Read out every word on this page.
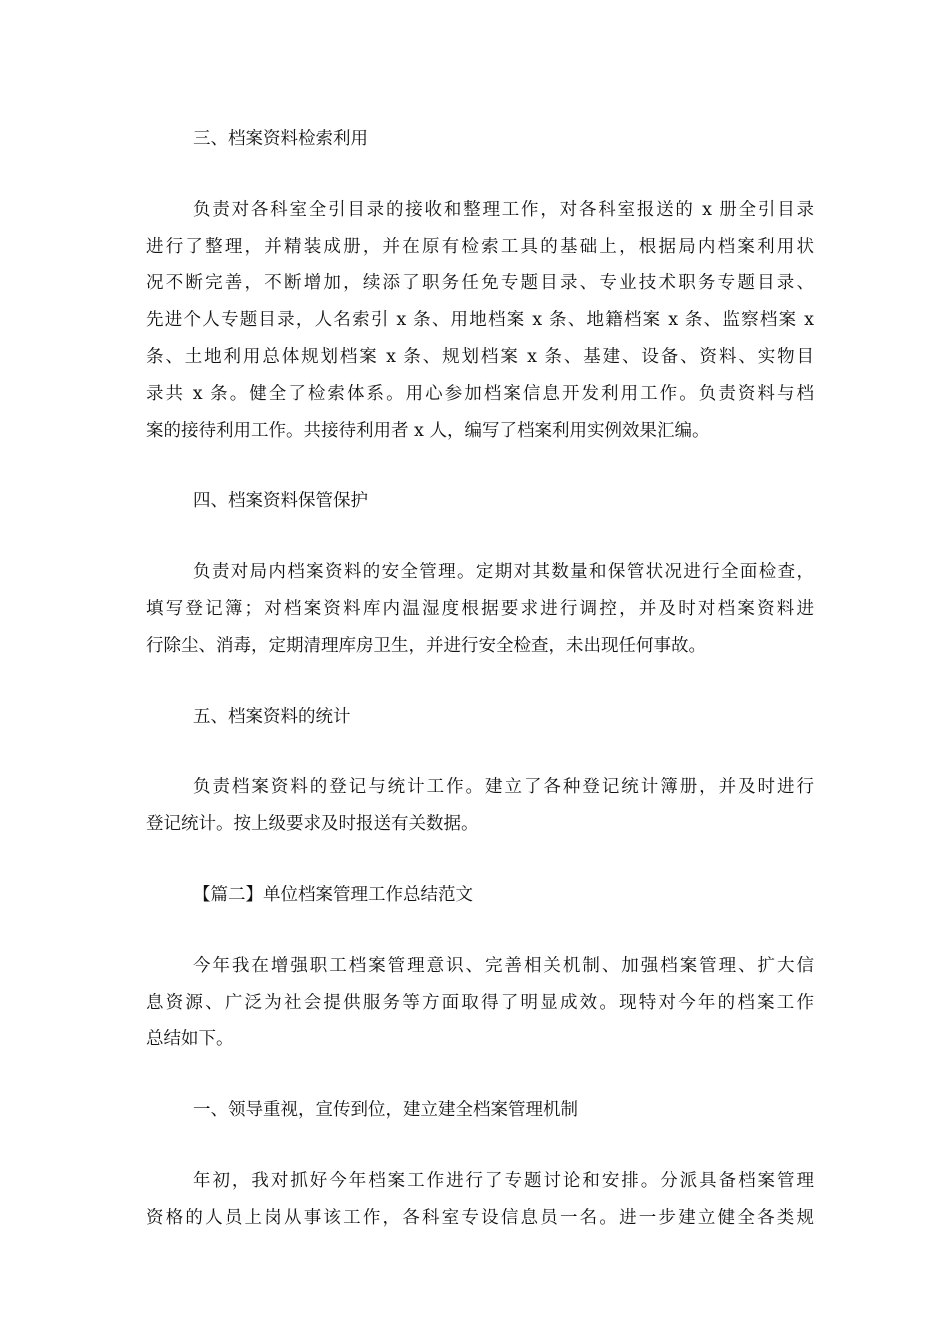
三、档案资料检索利用
负责对各科室全引目录的接收和整理工作，对各科室报送的 x 册全引目录
进行了整理，并精装成册，并在原有检索工具的基础上，根据局内档案利用状
况不断完善，不断增加，续添了职务任免专题目录、专业技术职务专题目录、
先进个人专题目录，人名索引 x 条、用地档案 x 条、地籍档案 x 条、监察档案 x
条、土地利用总体规划档案 x 条、规划档案 x 条、基建、设备、资料、实物目
录共 x 条。健全了检索体系。用心参加档案信息开发利用工作。负责资料与档
案的接待利用工作。共接待利用者 x 人，编写了档案利用实例效果汇编。
四、档案资料保管保护
负责对局内档案资料的安全管理。定期对其数量和保管状况进行全面检查，
填写登记簿；对档案资料库内温湿度根据要求进行调控，并及时对档案资料进
行除尘、消毒，定期清理库房卫生，并进行安全检查，未出现任何事故。
五、档案资料的统计
负责档案资料的登记与统计工作。建立了各种登记统计簿册，并及时进行
登记统计。按上级要求及时报送有关数据。
【篇二】单位档案管理工作总结范文
今年我在增强职工档案管理意识、完善相关机制、加强档案管理、扩大信
息资源、广泛为社会提供服务等方面取得了明显成效。现特对今年的档案工作
总结如下。
一、领导重视，宣传到位，建立建全档案管理机制
年初，我对抓好今年档案工作进行了专题讨论和安排。分派具备档案管理
资格的人员上岗从事该工作，各科室专设信息员一名。进一步建立健全各类规
